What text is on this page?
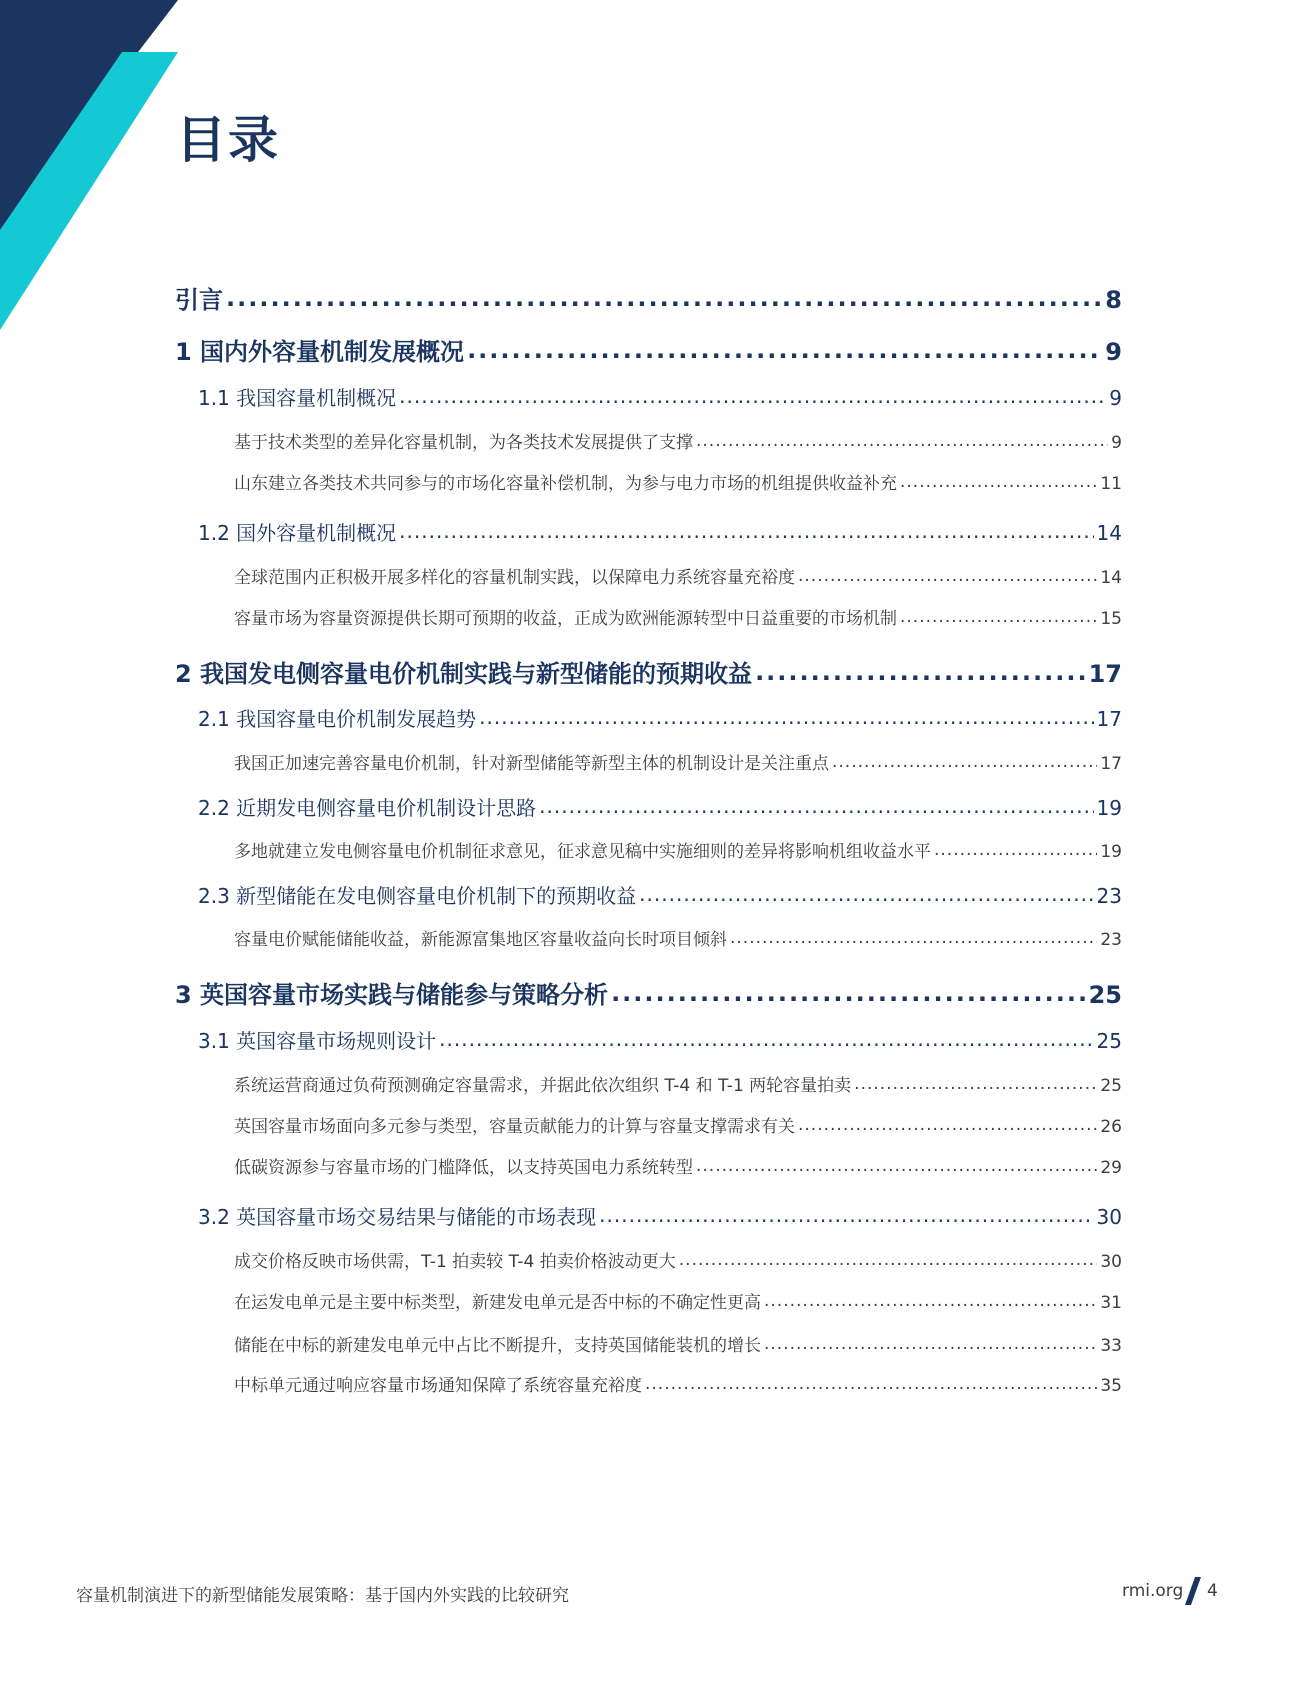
目录
引言 .....	8
1 国内外容量机制发展概况 .....	9
1.1 我国容量机制概况 .....	9
基于技术类型的差异化容量机制，为各类技术发展提供了支撑 .....	9
山东建立各类技术共同参与的市场化容量补偿机制，为参与电力市场的机组提供收益补充 .....	11
1.2 国外容量机制概况 .....	14
全球范围内正积极开展多样化的容量机制实践，以保障电力系统容量充裕度 .....	14
容量市场为容量资源提供长期可预期的收益，正成为欧洲能源转型中日益重要的市场机制 .....	15
2 我国发电侧容量电价机制实践与新型储能的预期收益 .....	17
2.1 我国容量电价机制发展趋势 .....	17
我国正加速完善容量电价机制，针对新型储能等新型主体的机制设计是关注重点 .....	17
2.2 近期发电侧容量电价机制设计思路 .....	19
多地就建立发电侧容量电价机制征求意见，征求意见稿中实施细则的差异将影响机组收益水平 .....	19
2.3 新型储能在发电侧容量电价机制下的预期收益 .....	23
容量电价赋能储能收益，新能源富集地区容量收益向长时项目倾斜 .....	23
3 英国容量市场实践与储能参与策略分析 .....	25
3.1 英国容量市场规则设计 .....	25
系统运营商通过负荷预测确定容量需求，并据此依次组织 T-4 和 T-1 两轮容量拍卖 .....	25
英国容量市场面向多元参与类型，容量贡献能力的计算与容量支撑需求有关 .....	26
低碳资源参与容量市场的门槛降低，以支持英国电力系统转型 .....	29
3.2 英国容量市场交易结果与储能的市场表现 .....	30
成交价格反映市场供需，T-1 拍卖较 T-4 拍卖价格波动更大 .....	30
在运发电单元是主要中标类型，新建发电单元是否中标的不确定性更高 .....	31
储能在中标的新建发电单元中占比不断提升，支持英国储能装机的增长 .....	33
中标单元通过响应容量市场通知保障了系统容量充裕度 .....	35
容量机制演进下的新型储能发展策略：基于国内外实践的比较研究	rmi.org 4
